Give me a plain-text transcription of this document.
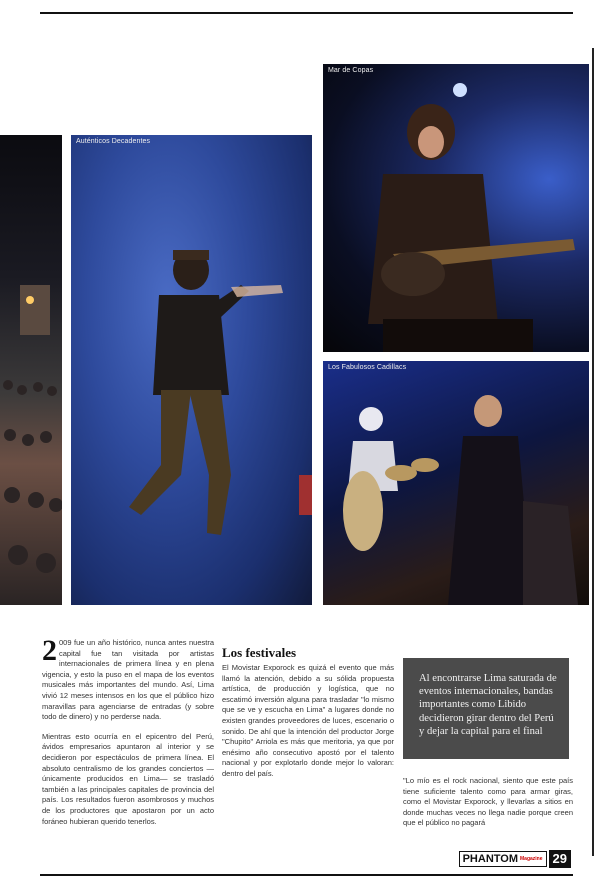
Auténticos Decadentes
Mar de Copas
Los Fabulosos Cadillacs

2 009 fue un año histórico, nunca antes nuestra capital fue tan visitada por artistas internacionales de primera línea y en plena vigencia, y esto la puso en el mapa de los eventos musicales más importantes del mundo. Así, Lima vivió 12 meses intensos en los que el público hizo maravillas para agenciarse de entradas (y sobre todo de dinero) y no perderse nada.

Mientras esto ocurría en el epicentro del Perú, ávidos empresarios apuntaron al interior y se decidieron por espectáculos de primera línea. El absoluto centralismo de los grandes conciertos —únicamente producidos en Lima— se trasladó también a las principales capitales de provincia del país. Los resultados fueron asombrosos y muchos de los productores que apostaron por un acto foráneo hubieran querido tenerlos.

Los festivales

El Movistar Exporock es quizá el evento que más llamó la atención, debido a su sólida propuesta artística, de producción y logística, que no escatimó inversión alguna para trasladar "lo mismo que se ve y escucha en Lima" a lugares donde no existen grandes proveedores de luces, escenario o sonido. De ahí que la intención del productor Jorge "Chupito" Arriola es más que meritoria, ya que por enésimo año consecutivo apostó por el talento nacional y por explotarlo donde mejor lo valoran: dentro del país.

Al encontrarse Lima saturada de eventos internacionales, bandas importantes como Libido decidieron girar dentro del Perú y dejar la capital para el final

"Lo mío es el rock nacional, siento que este país tiene suficiente talento como para armar giras, como el Movistar Exporock, y llevarlas a sitios en donde muchas veces no llega nadie porque creen que el público no pagará

PHANTOM Magazine 29
